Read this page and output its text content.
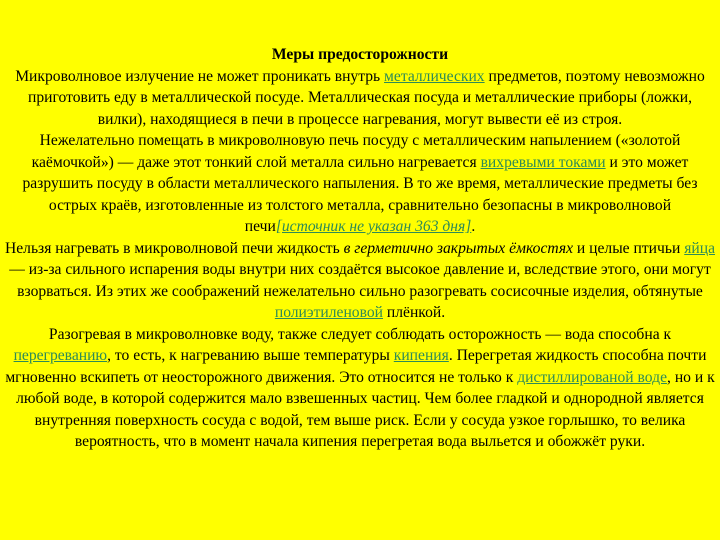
Меры предосторожности

Микроволновое излучение не может проникать внутрь металлических предметов, поэтому невозможно приготовить еду в металлической посуде. Металлическая посуда и металлические приборы (ложки, вилки), находящиеся в печи в процессе нагревания, могут вывести её из строя.

Нежелательно помещать в микроволновую печь посуду с металлическим напылением («золотой каёмочкой») — даже этот тонкий слой металла сильно нагревается вихревыми токами и это может разрушить посуду в области металлического напыления. В то же время, металлические предметы без острых краёв, изготовленные из толстого металла, сравнительно безопасны в микроволновой печи[источник не указан 363 дня].

Нельзя нагревать в микроволновой печи жидкость в герметично закрытых ёмкостях и целые птичьи яйца — из-за сильного испарения воды внутри них создаётся высокое давление и, вследствие этого, они могут взорваться. Из этих же соображений нежелательно сильно разогревать сосисочные изделия, обтянутые полиэтиленовой плёнкой.

Разогревая в микроволновке воду, также следует соблюдать осторожность — вода способна к перегреванию, то есть, к нагреванию выше температуры кипения. Перегретая жидкость способна почти мгновенно вскипеть от неосторожного движения. Это относится не только к дистиллированой воде, но и к любой воде, в которой содержится мало взвешенных частиц. Чем более гладкой и однородной является внутренняя поверхность сосуда с водой, тем выше риск. Если у сосуда узкое горлышко, то велика вероятность, что в момент начала кипения перегретая вода выльется и обожжёт руки.
